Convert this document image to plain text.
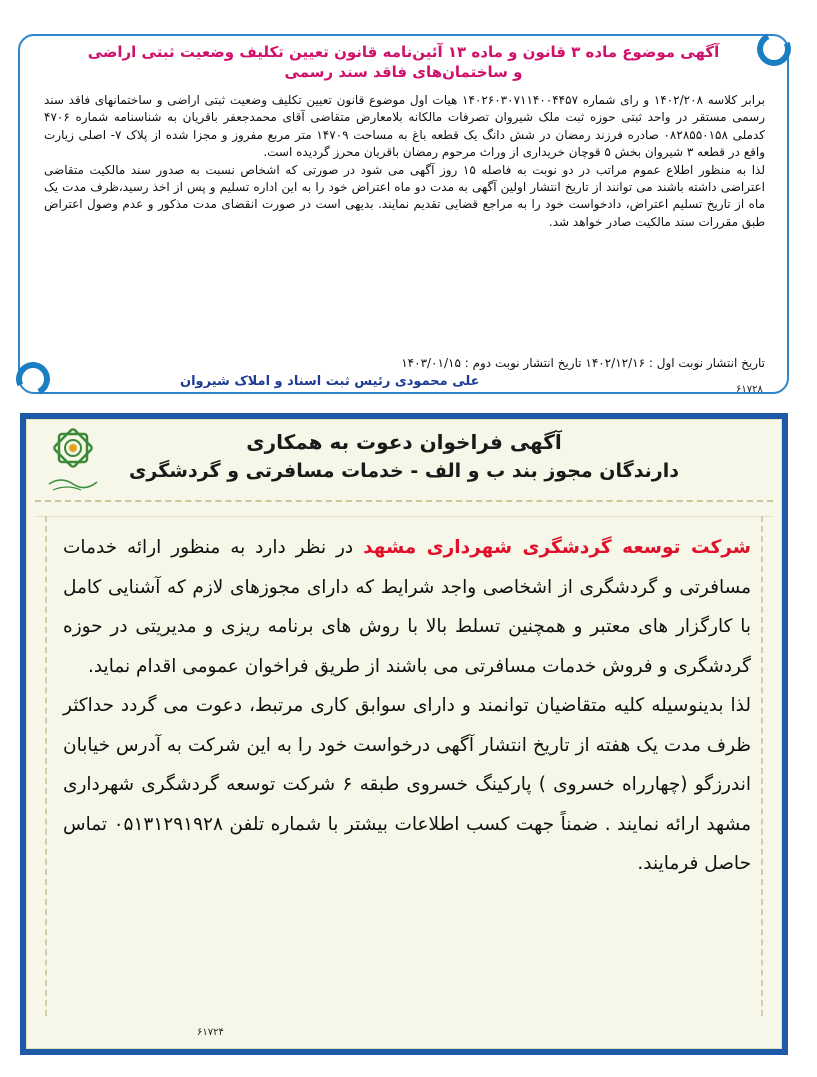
آگهی موضوع ماده ۳ قانون و ماده ۱۳ آئین‌نامه قانون تعیین تکلیف وضعیت ثبتی اراضی
و ساختمان‌های فاقد سند رسمی

برابر کلاسه ۱۴۰۲/۲۰۸ و رای شماره ۱۴۰۲۶۰۳۰۷۱۱۴۰۰۴۴۵۷ هیات اول موضوع قانون تعیین تکلیف وضعیت ثبتی اراضی و ساختمانهای فاقد سند رسمی مستقر در واحد ثبتی حوزه ثبت ملک شیروان تصرفات مالکانه بلامعارض متقاضی آقای محمدجعفر باقریان به شناسنامه شماره ۴۷۰۶ کدملی ۰۸۲۸۵۵۰۱۵۸ صادره فرزند رمضان در شش دانگ یک قطعه باغ به مساحت ۱۴۷۰۹ متر مربع مفروز و مجزا شده از پلاک ۷- اصلی زیارت واقع در قطعه ۳ شیروان بخش ۵ قوچان خریداری از وراث مرحوم رمضان باقریان محرز گردیده است.

لذا به منظور اطلاع عموم مراتب در دو نوبت به فاصله ۱۵ روز آگهی می شود در صورتی که اشخاص نسبت به صدور سند مالکیت متقاضی اعتراضی داشته باشند می توانند از تاریخ انتشار اولین آگهی به مدت دو ماه اعتراض خود را به این اداره تسلیم و پس از اخذ رسید،ظرف مدت یک ماه از تاریخ تسلیم اعتراض، دادخواست خود را به مراجع قضایی تقدیم نمایند. بدیهی است در صورت انقضای مدت مذکور و عدم وصول اعتراض طبق مقررات سند مالکیت صادر خواهد شد.

تاریخ انتشار نوبت اول : ۱۴۰۲/۱۲/۱۶ تاریخ انتشار نوبت دوم : ۱۴۰۳/۰۱/۱۵
علی محمودی رئیس ثبت اسناد و املاک شیروان
۶۱۷۲۸
آگهی فراخوان دعوت به همکاری
دارندگان مجوز بند ب و الف - خدمات مسافرتی و گردشگری

شرکت توسعه گردشگری شهرداری مشهد در نظر دارد به منظور ارائه خدمات مسافرتی و گردشگری از اشخاصی واجد شرایط که دارای مجوزهای لازم که آشنایی کامل با کارگزار های معتبر و همچنین تسلط بالا با روش های برنامه ریزی و مدیریتی در حوزه گردشگری و فروش خدمات مسافرتی می باشند از طریق فراخوان عمومی اقدام نماید.

لذا بدینوسیله کلیه متقاضیان توانمند و دارای سوابق کاری مرتبط، دعوت می گردد حداکثر ظرف مدت یک هفته از تاریخ انتشار آگهی درخواست خود را به این شرکت به آدرس خیابان اندرزگو (چهارراه خسروی ) پارکینگ خسروی طبقه ۶ شرکت توسعه گردشگری شهرداری مشهد ارائه نمایند . ضمناً جهت کسب اطلاعات بیشتر با شماره تلفن ۰۵۱۳۱۲۹۱۹۲۸ تماس حاصل فرمایند.

۶۱۷۲۴
